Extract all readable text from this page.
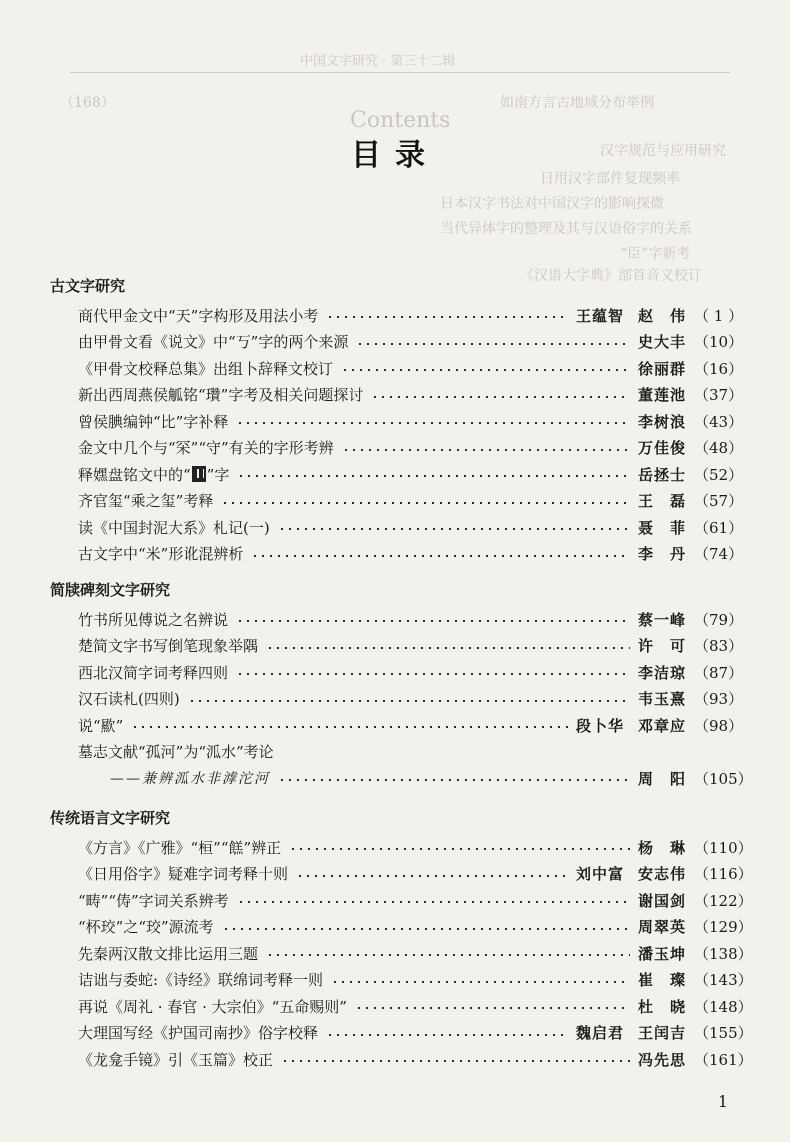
中国文字研究 · 第三十二辑
如南方言古地域分布举例
（168）
Contents
汉字规范与应用研究
日用汉字部件复现频率
日本汉字书法对中国汉字的影响探微
当代异体字的整理及其与汉语俗字的关系
“臣”字新考
《汉语大字典》部首音义校订
目录
古文字研究
商代甲金文中“天”字构形及用法小考	王蕴智 赵　伟 （ 1 ）
由甲骨文看《说文》中“丂”字的两个来源	史大丰 （10）
《甲骨文校释总集》出组卜辞释文校订	徐丽群 （16）
新出西周燕侯觚铭“瓚”字考及相关问题探讨	董莲池 （37）
曾侯腆编钟“比”字补释	李树浪 （43）
金文中几个与“罙”“守”有关的字形考辨	万佳俊 （48）
释嫼盘铭文中的“ ”字	岳拯士 （52）
齐官玺“乘之玺”考释	王　磊 （57）
读《中国封泥大系》札记(一)	聂　菲 （61）
古文字中“米”形讹混辨析	李　丹 （74）
简牍碑刻文字研究
竹书所见傅说之名辨说	蔡一峰 （79）
楚简文字书写倒笔现象举隅	许　可 （83）
西北汉简字词考释四则	李洁琼 （87）
汉石读札(四则)	韦玉熹 （93）
说“歞”	段卜华 邓章应 （98）
墓志文献“孤河”为“泒水”考论
——兼辨泒水非滹沱河	周　阳 （105）
传统语言文字研究
《方言》《广雅》“桓”“餻”辨正	杨　琳 （110）
《日用俗字》疑难字词考释十则	刘中富 安志伟 （116）
“畴”“俦”字词关系辨考	谢国剑 （122）
“杯珓”之“珓”源流考	周翠英 （129）
先秦两汉散文排比运用三题	潘玉坤 （138）
诘诎与委蛇:《诗经》联绵词考释一则	崔　璨 （143）
再说《周礼 · 春官 · 大宗伯》“五命赐则”	杜　晓 （148）
大理国写经《护国司南抄》俗字校释	魏启君 王闰吉 （155）
《龙龛手镜》引《玉篇》校正	冯先思 （161）
1
